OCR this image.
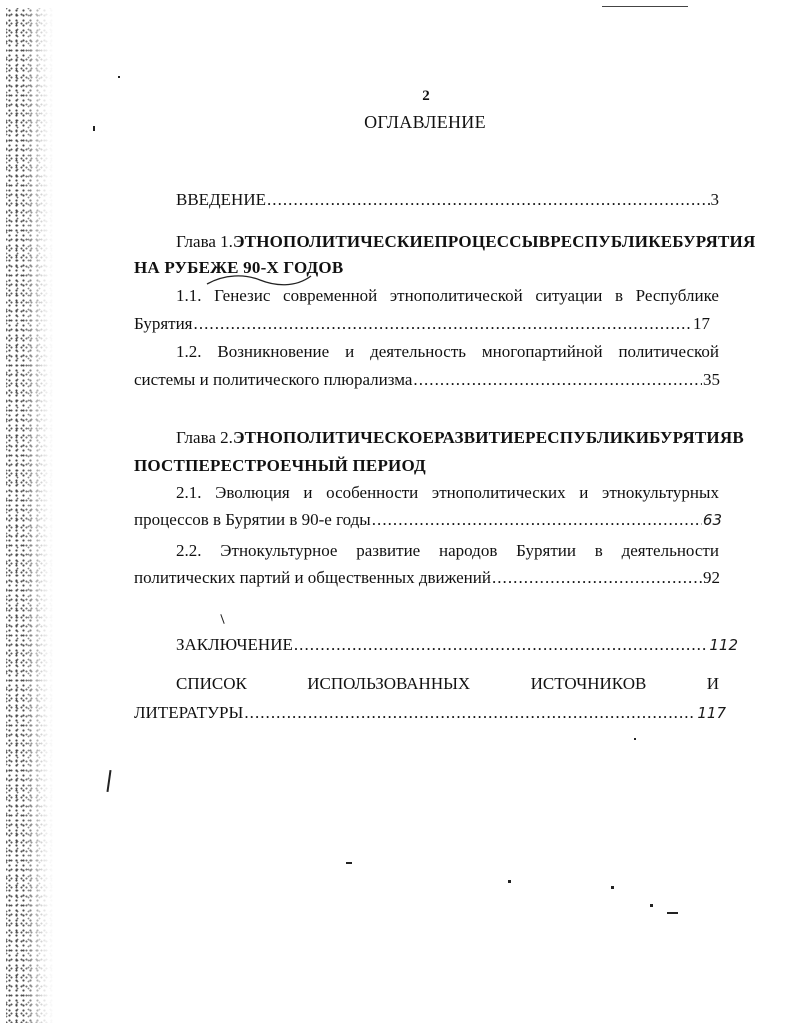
2
ОГЛАВЛЕНИЕ
ВВЕДЕНИЕ . . .	3
Глава 1. ЭТНОПОЛИТИЧЕСКИЕ ПРОЦЕССЫ В РЕСПУБЛИКЕ БУРЯТИЯ
НА РУБЕЖЕ 90-Х ГОДОВ
1.1. Генезис современной этнополитической ситуации в Республике
Бурятия . . .	17
1.2. Возникновение и деятельность многопартийной политической
системы и политического плюрализма . . .	35
Глава 2. ЭТНОПОЛИТИЧЕСКОЕ РАЗВИТИЕ РЕСПУБЛИКИ БУРЯТИЯ В
ПОСТПЕРЕСТРОЕЧНЫЙ ПЕРИОД
2.1. Эволюция и особенности этнополитических и этнокультурных
процессов в Бурятии в 90-е годы . . .	63
2.2. Этнокультурное развитие народов Бурятии в деятельности
политических партий и общественных движений . . .	92
ЗАКЛЮЧЕНИЕ . . .	112
СПИСОК	ИСПОЛЬЗОВАННЫХ	ИСТОЧНИКОВ	И
ЛИТЕРАТУРЫ . . .	117
